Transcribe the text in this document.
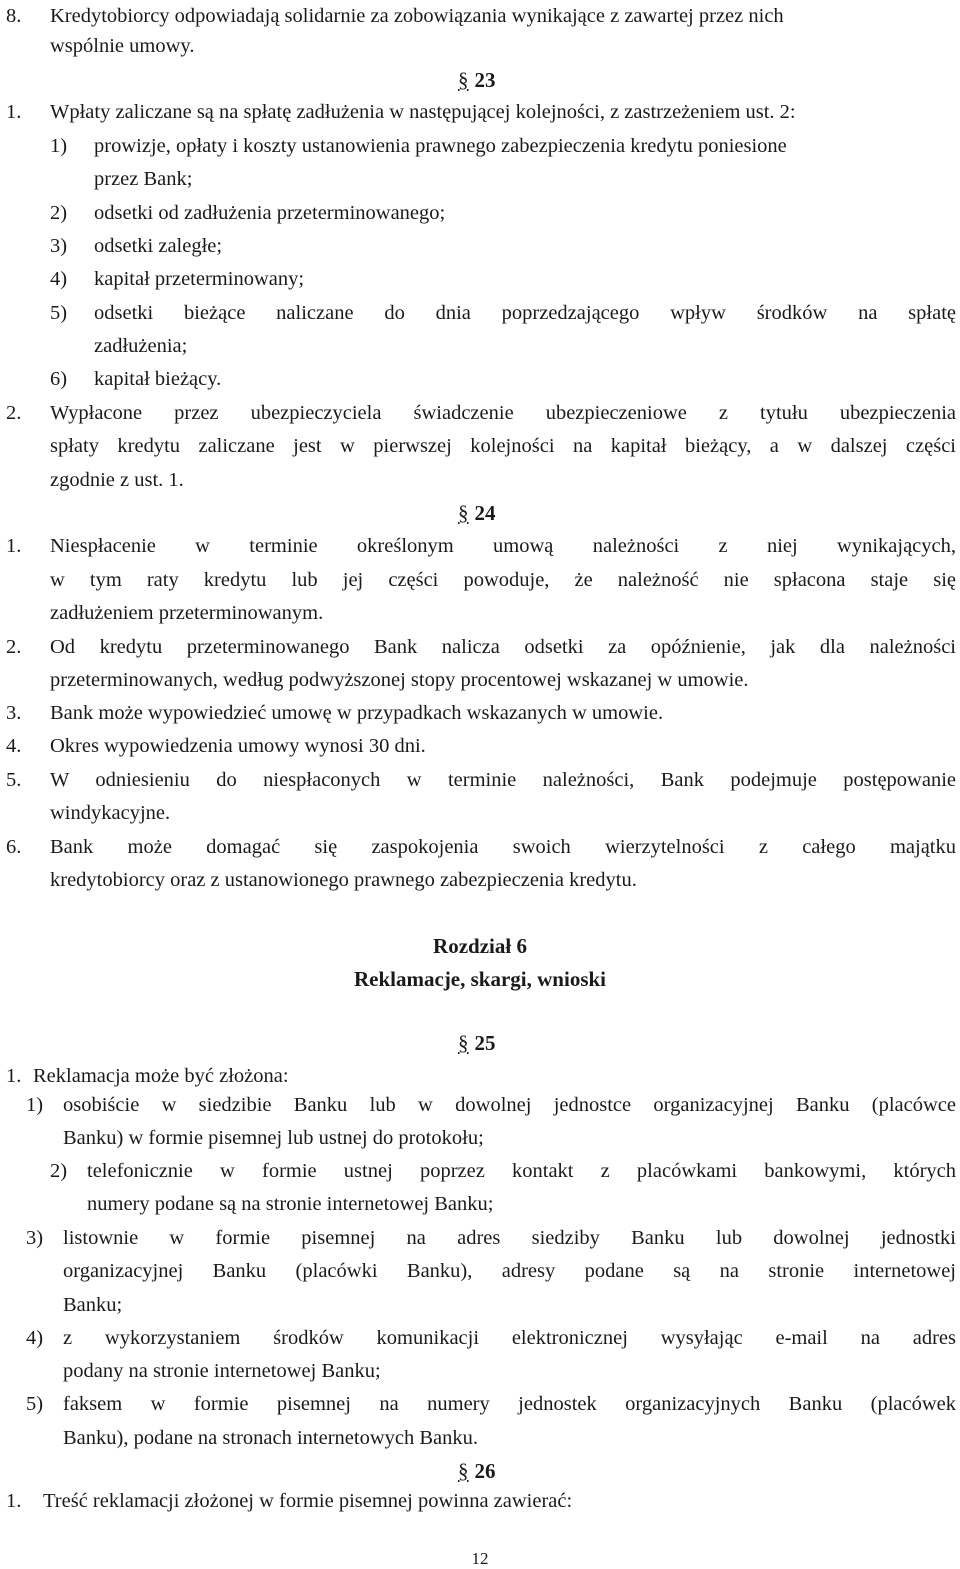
8. Kredytobiorcy odpowiadają solidarnie za zobowiązania wynikające z zawartej przez nich
wspólnie umowy.
§ 23
1. Wpłaty zaliczane są na spłatę zadłużenia w następującej kolejności, z zastrzeżeniem ust. 2:
1) prowizje, opłaty i koszty ustanowienia prawnego zabezpieczenia kredytu poniesione
przez Bank;
2) odsetki od zadłużenia przeterminowanego;
3) odsetki zaległe;
4) kapitał przeterminowany;
5) odsetki bieżące naliczane do dnia poprzedzającego wpływ środków na spłatę
zadłużenia;
6) kapitał bieżący.
2. Wypłacone przez ubezpieczyciela świadczenie ubezpieczeniowe z tytułu ubezpieczenia
spłaty kredytu zaliczane jest w pierwszej kolejności na kapitał bieżący, a w dalszej części
zgodnie z ust. 1.
§ 24
1. Niespłacenie w terminie określonym umową należności z niej wynikających,
w tym raty kredytu lub jej części powoduje, że należność nie spłacona staje się
zadłużeniem przeterminowanym.
2. Od kredytu przeterminowanego Bank nalicza odsetki za opóźnienie, jak dla należności
przeterminowanych, według podwyższonej stopy procentowej wskazanej w umowie.
3. Bank może wypowiedzieć umowę w przypadkach wskazanych w umowie.
4. Okres wypowiedzenia umowy wynosi 30 dni.
5. W odniesieniu do niespłaconych w terminie należności, Bank podejmuje postępowanie
windykacyjne.
6. Bank może domagać się zaspokojenia swoich wierzytelności z całego majątku
kredytobiorcy oraz z ustanowionego prawnego zabezpieczenia kredytu.
Rozdział 6
Reklamacje, skargi, wnioski
§ 25
1. Reklamacja może być złożona:
1) osobiście w siedzibie Banku lub w dowolnej jednostce organizacyjnej Banku (placówce
Banku) w formie pisemnej lub ustnej do protokołu;
2) telefonicznie w formie ustnej poprzez kontakt z placówkami bankowymi, których
numery podane są na stronie internetowej Banku;
3) listownie w formie pisemnej na adres siedziby Banku lub dowolnej jednostki
organizacyjnej Banku (placówki Banku), adresy podane są na stronie internetowej
Banku;
4) z wykorzystaniem środków komunikacji elektronicznej wysyłając e-mail na adres
podany na stronie internetowej Banku;
5) faksem w formie pisemnej na numery jednostek organizacyjnych Banku (placówek
Banku), podane na stronach internetowych Banku.
§ 26
1. Treść reklamacji złożonej w formie pisemnej powinna zawierać:
12
